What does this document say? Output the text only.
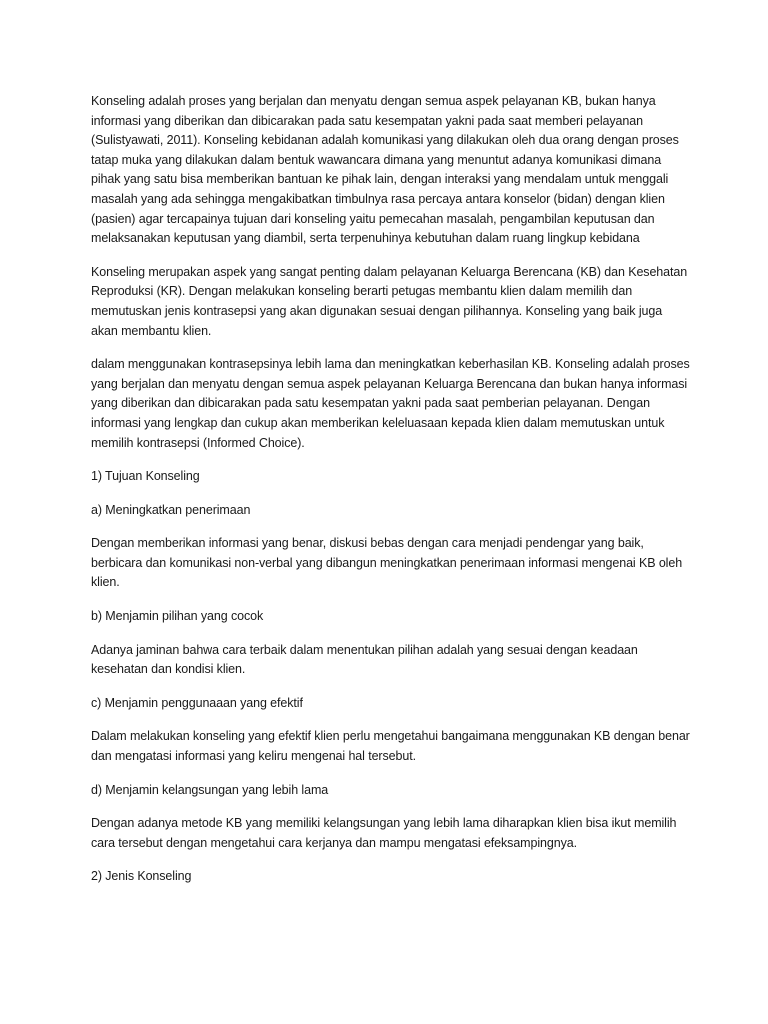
Konseling adalah proses yang berjalan dan menyatu dengan semua aspek pelayanan KB, bukan hanya informasi yang diberikan dan dibicarakan pada satu kesempatan yakni pada saat memberi pelayanan (Sulistyawati, 2011). Konseling kebidanan adalah komunikasi yang dilakukan oleh dua orang dengan proses tatap muka yang dilakukan dalam bentuk wawancara dimana yang menuntut adanya komunikasi dimana pihak yang satu bisa memberikan bantuan ke pihak lain, dengan interaksi yang mendalam untuk menggali masalah yang ada sehingga mengakibatkan timbulnya rasa percaya antara konselor (bidan) dengan klien (pasien) agar tercapainya tujuan dari konseling yaitu pemecahan masalah, pengambilan keputusan dan melaksanakan keputusan yang diambil, serta terpenuhinya kebutuhan dalam ruang lingkup kebidana

Konseling merupakan aspek yang sangat penting dalam pelayanan Keluarga Berencana (KB) dan Kesehatan Reproduksi (KR). Dengan melakukan konseling berarti petugas membantu klien dalam memilih dan memutuskan jenis kontrasepsi yang akan digunakan sesuai dengan pilihannya. Konseling yang baik juga akan membantu klien.

dalam menggunakan kontrasepsinya lebih lama dan meningkatkan keberhasilan KB. Konseling adalah proses yang berjalan dan menyatu dengan semua aspek pelayanan Keluarga Berencana dan bukan hanya informasi yang diberikan dan dibicarakan pada satu kesempatan yakni pada saat pemberian pelayanan. Dengan informasi yang lengkap dan cukup akan memberikan keleluasaan kepada klien dalam memutuskan untuk memilih kontrasepsi (Informed Choice).

1) Tujuan Konseling

a) Meningkatkan penerimaan

Dengan memberikan informasi yang benar, diskusi bebas dengan cara menjadi pendengar yang baik, berbicara dan komunikasi non-verbal yang dibangun meningkatkan penerimaan informasi mengenai KB oleh klien.

b) Menjamin pilihan yang cocok

Adanya jaminan bahwa cara terbaik dalam menentukan pilihan adalah yang sesuai dengan keadaan kesehatan dan kondisi klien.

c) Menjamin penggunaaan yang efektif

Dalam melakukan konseling yang efektif klien perlu mengetahui bangaimana menggunakan KB dengan benar dan mengatasi informasi yang keliru mengenai hal tersebut.

d) Menjamin kelangsungan yang lebih lama

Dengan adanya metode KB yang memiliki kelangsungan yang lebih lama diharapkan klien bisa ikut memilih cara tersebut dengan mengetahui cara kerjanya dan mampu mengatasi efeksampingnya.

2) Jenis Konseling
